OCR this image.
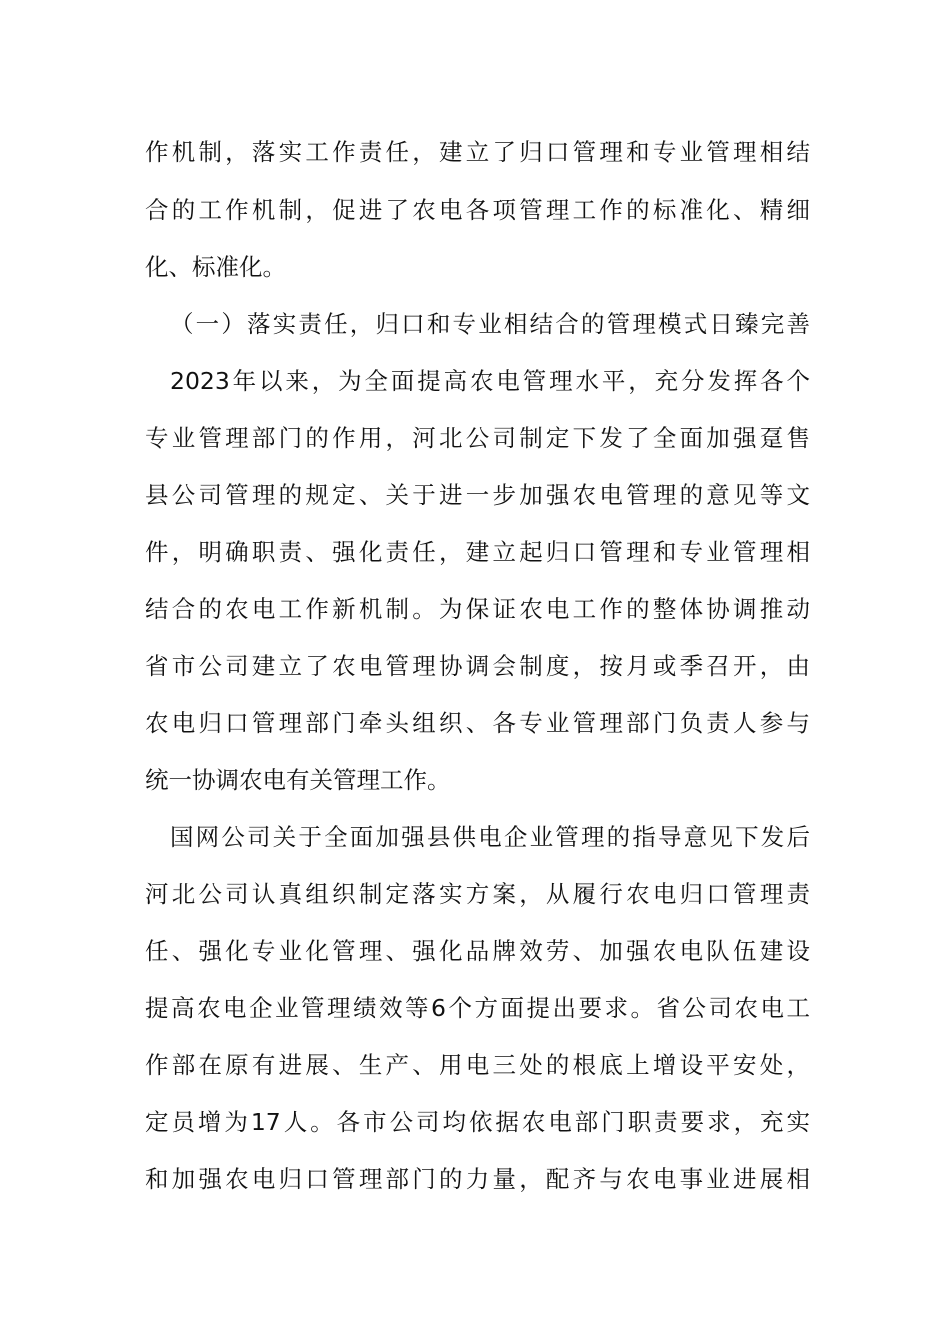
作机制，落实工作责任，建立了归口管理和专业管理相结
合的工作机制，促进了农电各项管理工作的标准化、精细
化、标准化。
（一）落实责任，归口和专业相结合的管理模式日臻完善
2023年以来，为全面提高农电管理水平，充分发挥各个
专业管理部门的作用，河北公司制定下发了全面加强趸售
县公司管理的规定、关于进一步加强农电管理的意见等文
件，明确职责、强化责任，建立起归口管理和专业管理相
结合的农电工作新机制。为保证农电工作的整体协调推动
省市公司建立了农电管理协调会制度，按月或季召开，由
农电归口管理部门牵头组织、各专业管理部门负责人参与
统一协调农电有关管理工作。
国网公司关于全面加强县供电企业管理的指导意见下发后
河北公司认真组织制定落实方案，从履行农电归口管理责
任、强化专业化管理、强化品牌效劳、加强农电队伍建设
提高农电企业管理绩效等6个方面提出要求。省公司农电工
作部在原有进展、生产、用电三处的根底上增设平安处，
定员增为17人。各市公司均依据农电部门职责要求，充实
和加强农电归口管理部门的力量，配齐与农电事业进展相
